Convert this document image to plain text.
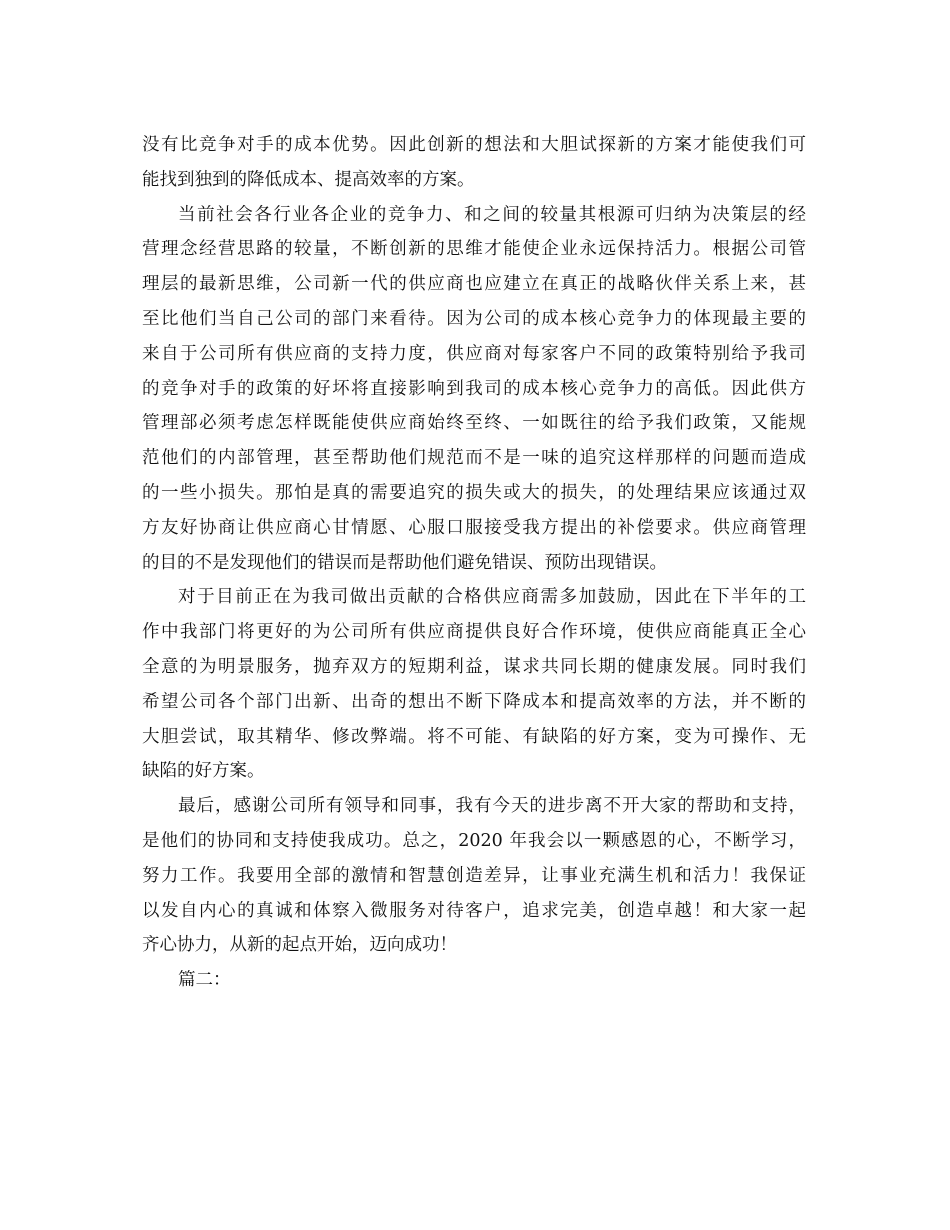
没有比竞争对手的成本优势。因此创新的想法和大胆试探新的方案才能使我们可
能找到独到的降低成本、提高效率的方案。
当前社会各行业各企业的竞争力、和之间的较量其根源可归纳为决策层的经
营理念经营思路的较量，不断创新的思维才能使企业永远保持活力。根据公司管
理层的最新思维，公司新一代的供应商也应建立在真正的战略伙伴关系上来，甚
至比他们当自己公司的部门来看待。因为公司的成本核心竞争力的体现最主要的
来自于公司所有供应商的支持力度，供应商对每家客户不同的政策特别给予我司
的竞争对手的政策的好坏将直接影响到我司的成本核心竞争力的高低。因此供方
管理部必须考虑怎样既能使供应商始终至终、一如既往的给予我们政策，又能规
范他们的内部管理，甚至帮助他们规范而不是一味的追究这样那样的问题而造成
的一些小损失。那怕是真的需要追究的损失或大的损失，的处理结果应该通过双
方友好协商让供应商心甘情愿、心服口服接受我方提出的补偿要求。供应商管理
的目的不是发现他们的错误而是帮助他们避免错误、预防出现错误。
对于目前正在为我司做出贡献的合格供应商需多加鼓励，因此在下半年的工
作中我部门将更好的为公司所有供应商提供良好合作环境，使供应商能真正全心
全意的为明景服务，抛弃双方的短期利益，谋求共同长期的健康发展。同时我们
希望公司各个部门出新、出奇的想出不断下降成本和提高效率的方法，并不断的
大胆尝试，取其精华、修改弊端。将不可能、有缺陷的好方案，变为可操作、无
缺陷的好方案。
最后，感谢公司所有领导和同事，我有今天的进步离不开大家的帮助和支持，
是他们的协同和支持使我成功。总之，2020 年我会以一颗感恩的心，不断学习，
努力工作。我要用全部的激情和智慧创造差异，让事业充满生机和活力！我保证
以发自内心的真诚和体察入微服务对待客户，追求完美，创造卓越！和大家一起
齐心协力，从新的起点开始，迈向成功！
篇二：
